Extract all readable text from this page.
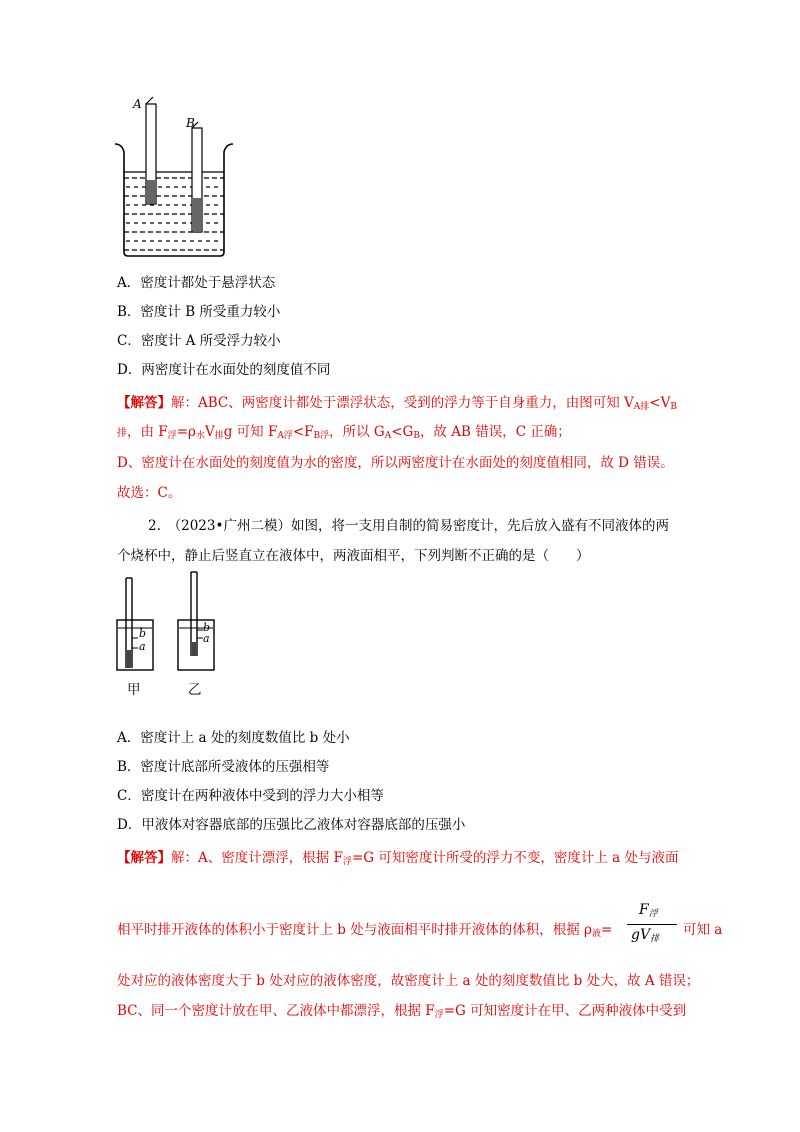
A
B
A．密度计都处于悬浮状态
B．密度计 B 所受重力较小
C．密度计 A 所受浮力较小
D．两密度计在水面处的刻度值不同
【解答】解：ABC、两密度计都处于漂浮状态，受到的浮力等于自身重力，由图可知 $V_{A排}<V_B$
排，由 $F_浮=\rho_水V_排g$ 可知 $F_{A浮}<F_{B浮}$，所以 $G_A<G_B$，故 AB 错误，C 正确；
D、密度计在水面处的刻度值为水的密度，所以两密度计在水面处的刻度值相同，故 D 错误。
故选：C。
2.　（2023•广州二模）如图，将一支用自制的简易密度计，先后放入盛有不同液体的两
个烧杯中，静止后竖直立在液体中，两液面相平，下列判断不正确的是（　　）
b
a
b
a
甲	乙
A．密度计上 a 处的刻度数值比 b 处小
B．密度计底部所受液体的压强相等
C．密度计在两种液体中受到的浮力大小相等
D．甲液体对容器底部的压强比乙液体对容器底部的压强小
【解答】解：A、密度计漂浮，根据 $F_浮=G$ 可知密度计所受的浮力不变，密度计上 a 处与液面
相平时排开液体的体积小于密度计上 b 处与液面相平时排开液体的体积，根据 $\rho_液=$
$F_浮$
$gV_排$
可知 a
处对应的液体密度大于 b 处对应的液体密度，故密度计上 a 处的刻度数值比 b 处大，故 A 错误；
BC、同一个密度计放在甲、乙液体中都漂浮，根据 $F_浮=G$ 可知密度计在甲、乙两种液体中受到
